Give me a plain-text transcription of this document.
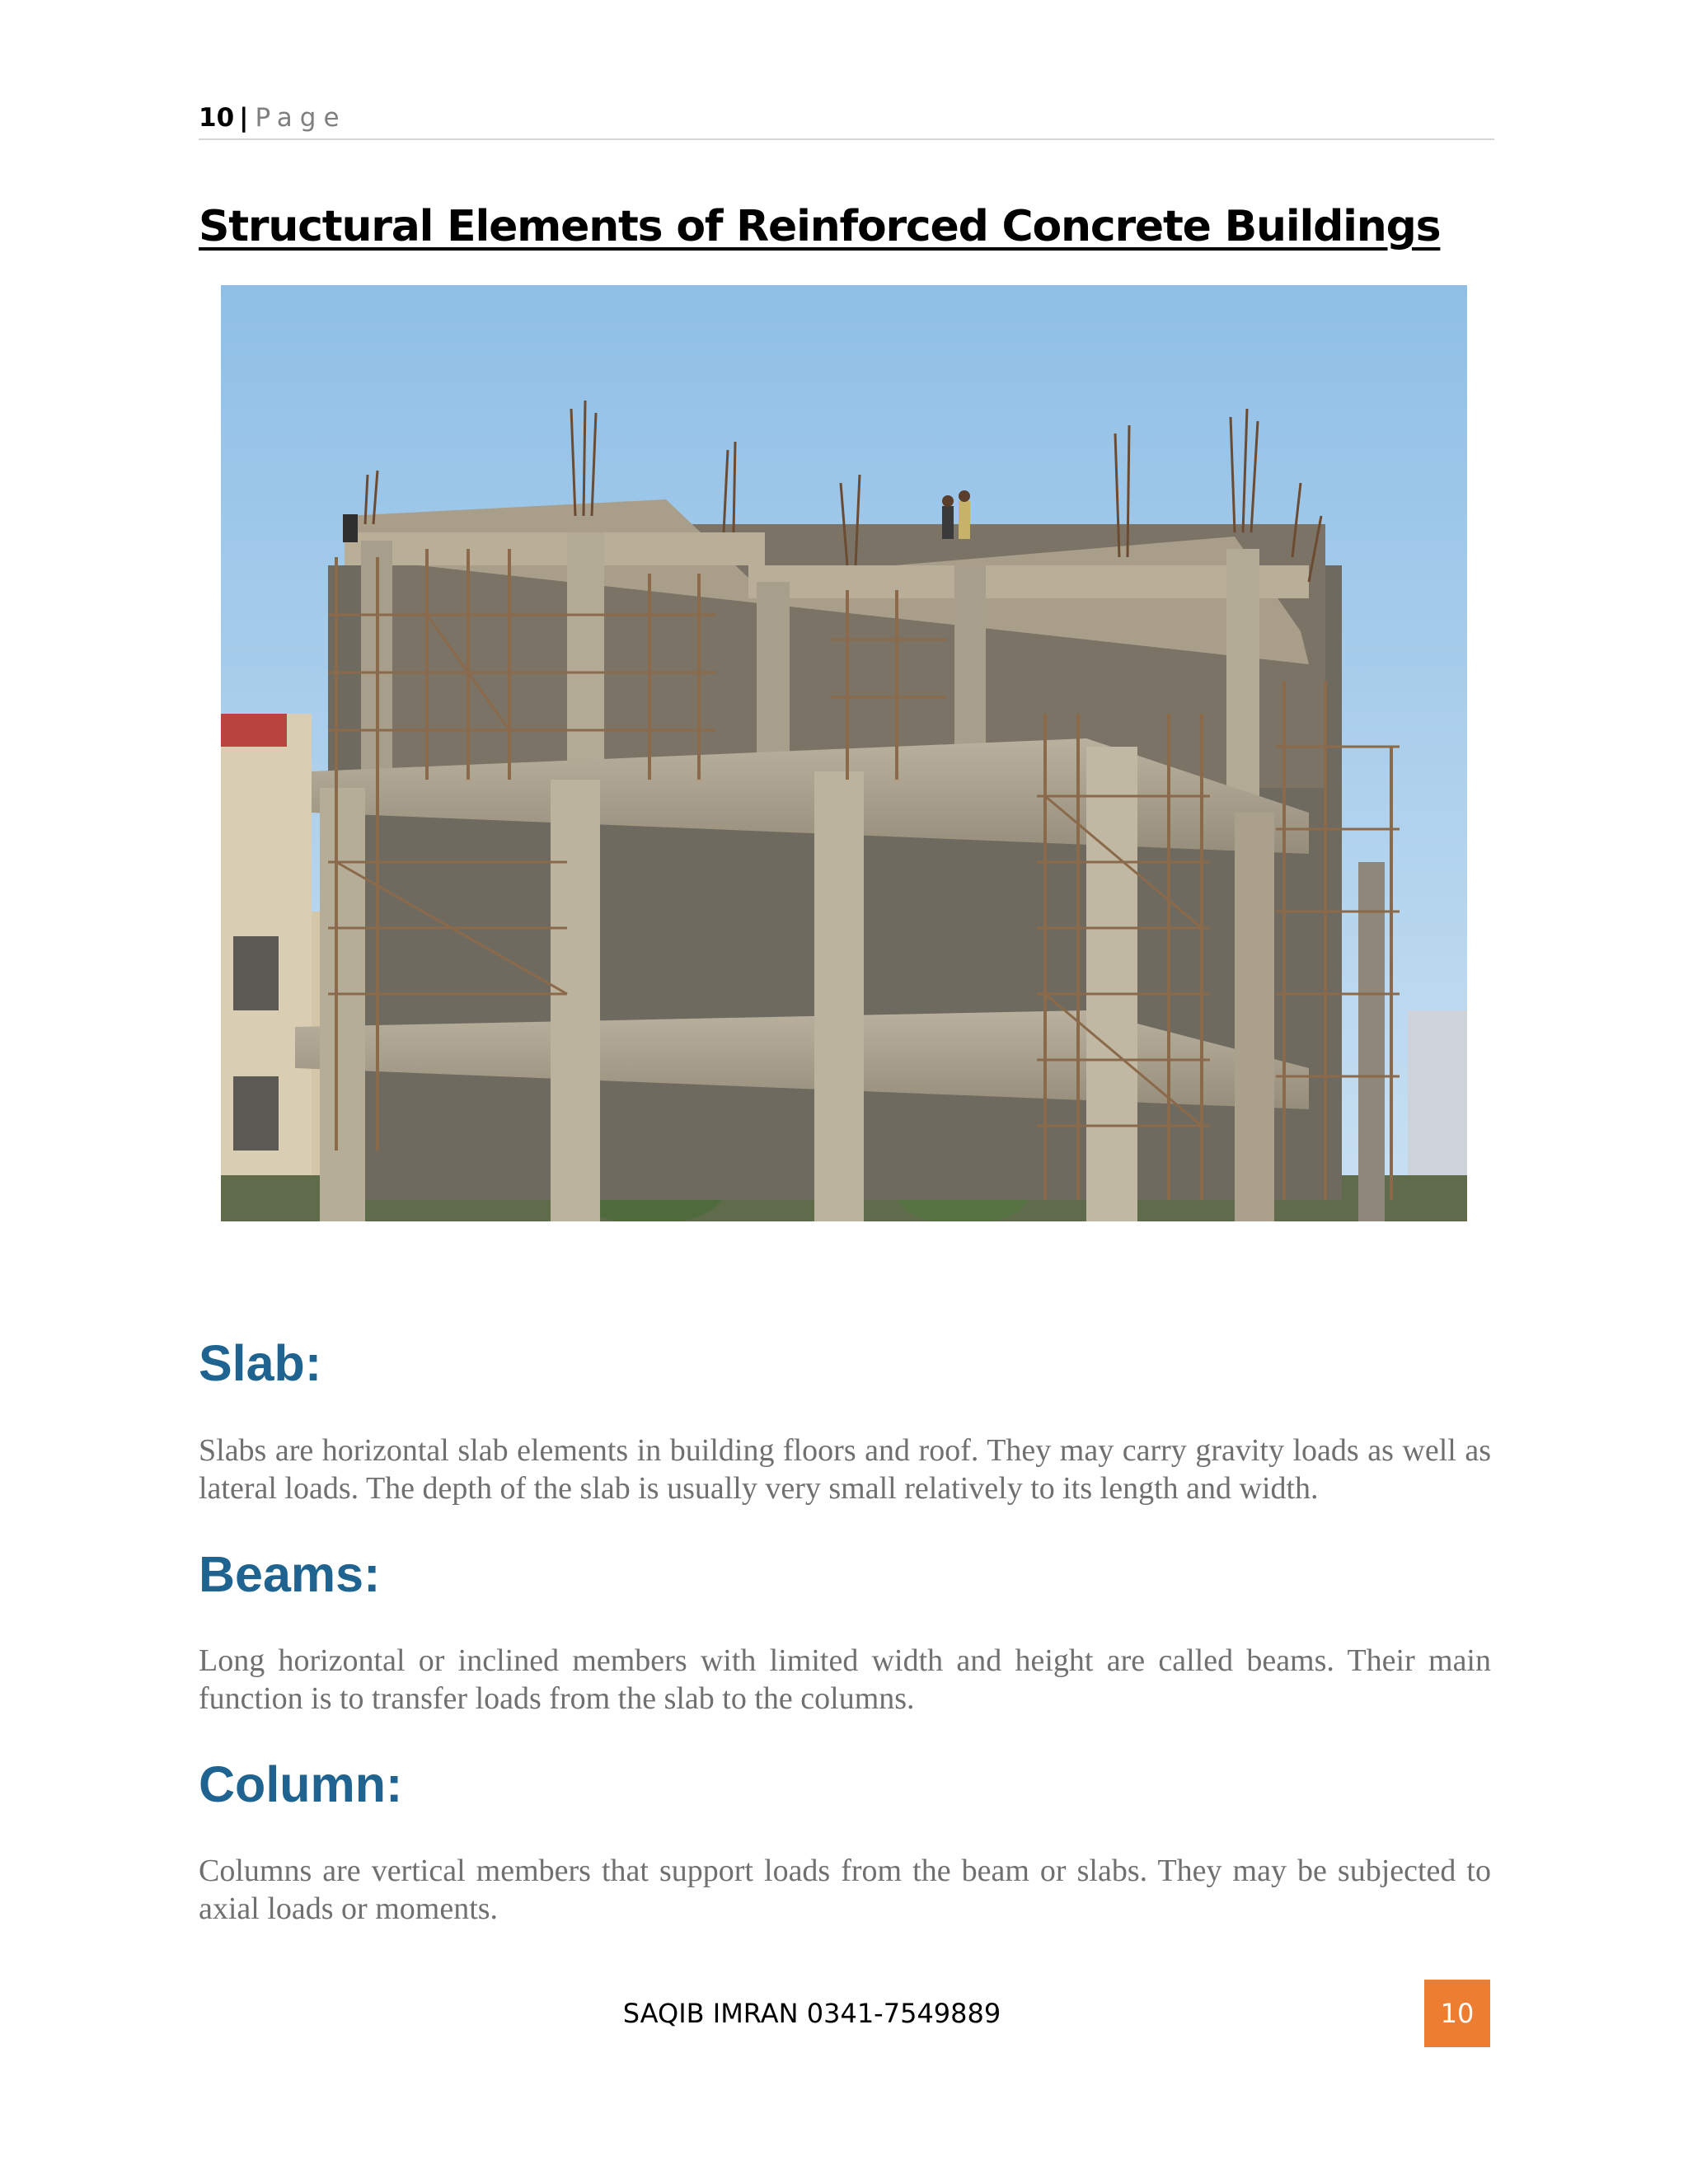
10 | Page
Structural Elements of Reinforced Concrete Buildings
Slab:

Slabs are horizontal slab elements in building floors and roof. They may carry gravity loads as well as lateral loads. The depth of the slab is usually very small relatively to its length and width.

Beams:

Long horizontal or inclined members with limited width and height are called beams. Their main function is to transfer loads from the slab to the columns.

Column:

Columns are vertical members that support loads from the beam or slabs. They may be subjected to axial loads or moments.

SAQIB IMRAN 0341-7549889	10
